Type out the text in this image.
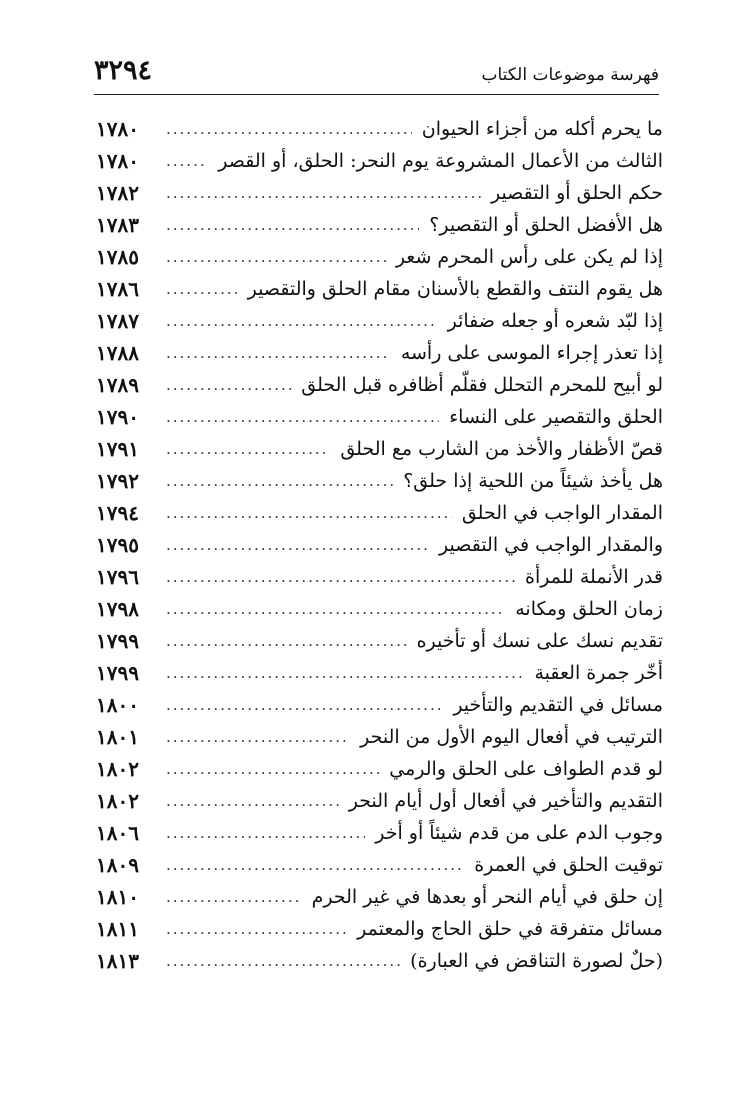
فهرسة موضوعات الكتاب
٣٢٩٤
ما يحرم أكله من أجزاء الحيوان
.....
١٧٨٠
الثالث من الأعمال المشروعة يوم النحر: الحلق، أو القصر
.....
١٧٨٠
حكم الحلق أو التقصير
.....
١٧٨٢
هل الأفضل الحلق أو التقصير؟
.....
١٧٨٣
إذا لم يكن على رأس المحرم شعر
.....
١٧٨٥
هل يقوم النتف والقطع بالأسنان مقام الحلق والتقصير
.....
١٧٨٦
إذا لبّد شعره أو جعله ضفائر
.....
١٧٨٧
إذا تعذر إجراء الموسى على رأسه
.....
١٧٨٨
لو أبيح للمحرم التحلل فقلّم أظافره قبل الحلق
.....
١٧٨٩
الحلق والتقصير على النساء
.....
١٧٩٠
قصّ الأظفار والأخذ من الشارب مع الحلق
.....
١٧٩١
هل يأخذ شيئاً من اللحية إذا حلق؟
.....
١٧٩٢
المقدار الواجب في الحلق
.....
١٧٩٤
والمقدار الواجب في التقصير
.....
١٧٩٥
قدر الأنملة للمرأة
.....
١٧٩٦
زمان الحلق ومكانه
.....
١٧٩٨
تقديم نسك على نسك أو تأخيره
.....
١٧٩٩
أخّر جمرة العقبة
.....
١٧٩٩
مسائل في التقديم والتأخير
.....
١٨٠٠
الترتيب في أفعال اليوم الأول من النحر
.....
١٨٠١
لو قدم الطواف على الحلق والرمي
.....
١٨٠٢
التقديم والتأخير في أفعال أول أيام النحر
.....
١٨٠٢
وجوب الدم على من قدم شيئاً أو أخر
.....
١٨٠٦
توقيت الحلق في العمرة
.....
١٨٠٩
إن حلق في أيام النحر أو بعدها في غير الحرم
.....
١٨١٠
مسائل متفرقة في حلق الحاج والمعتمر
.....
١٨١١
(حلٌ لصورة التناقض في العبارة)
.....
١٨١٣
